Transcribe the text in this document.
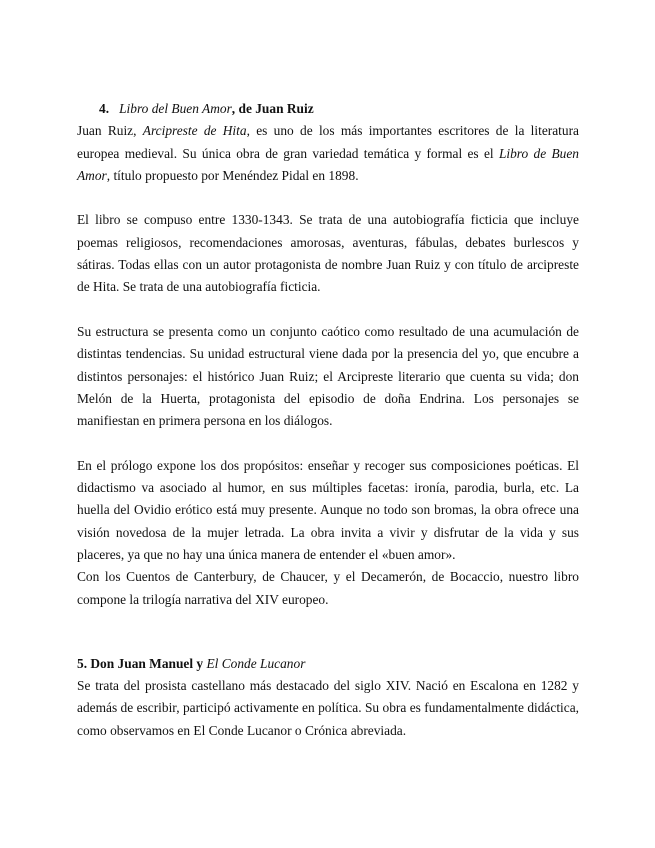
4. Libro del Buen Amor, de Juan Ruiz

Juan Ruiz, Arcipreste de Hita, es uno de los más importantes escritores de la literatura europea medieval. Su única obra de gran variedad temática y formal es el Libro de Buen Amor, título propuesto por Menéndez Pidal en 1898.

El libro se compuso entre 1330-1343. Se trata de una autobiografía ficticia que incluye poemas religiosos, recomendaciones amorosas, aventuras, fábulas, debates burlescos y sátiras. Todas ellas con un autor protagonista de nombre Juan Ruiz y con título de arcipreste de Hita. Se trata de una autobiografía ficticia.

Su estructura se presenta como un conjunto caótico como resultado de una acumulación de distintas tendencias. Su unidad estructural viene dada por la presencia del yo, que encubre a distintos personajes: el histórico Juan Ruiz; el Arcipreste literario que cuenta su vida; don Melón de la Huerta, protagonista del episodio de doña Endrina. Los personajes se manifiestan en primera persona en los diálogos.

En el prólogo expone los dos propósitos: enseñar y recoger sus composiciones poéticas. El didactismo va asociado al humor, en sus múltiples facetas: ironía, parodia, burla, etc. La huella del Ovidio erótico está muy presente. Aunque no todo son bromas, la obra ofrece una visión novedosa de la mujer letrada. La obra invita a vivir y disfrutar de la vida y sus placeres, ya que no hay una única manera de entender el «buen amor».

Con los Cuentos de Canterbury, de Chaucer, y el Decamerón, de Bocaccio, nuestro libro compone la trilogía narrativa del XIV europeo.

5. Don Juan Manuel y El Conde Lucanor

Se trata del prosista castellano más destacado del siglo XIV. Nació en Escalona en 1282 y además de escribir, participó activamente en política. Su obra es fundamentalmente didáctica, como observamos en El Conde Lucanor o Crónica abreviada.
